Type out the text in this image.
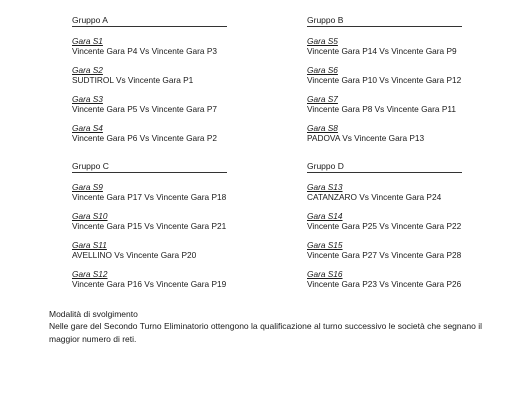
Gruppo A
Gara S1
Vincente Gara P4 Vs Vincente Gara P3
Gara S2
SUDTIROL Vs Vincente Gara P1
Gara S3
Vincente Gara P5 Vs Vincente Gara P7
Gara S4
Vincente Gara P6 Vs Vincente Gara P2
Gruppo B
Gara S5
Vincente Gara P14 Vs Vincente Gara P9
Gara S6
Vincente Gara P10 Vs Vincente Gara P12
Gara S7
Vincente Gara P8 Vs Vincente Gara P11
Gara S8
PADOVA Vs Vincente Gara P13
Gruppo C
Gara S9
Vincente Gara P17 Vs Vincente Gara P18
Gara S10
Vincente Gara P15 Vs Vincente Gara P21
Gara S11
AVELLINO Vs Vincente Gara P20
Gara S12
Vincente Gara P16 Vs Vincente Gara P19
Gruppo D
Gara S13
CATANZARO Vs Vincente Gara P24
Gara S14
Vincente Gara P25 Vs Vincente Gara P22
Gara S15
Vincente Gara P27 Vs Vincente Gara P28
Gara S16
Vincente Gara P23 Vs Vincente Gara P26
Modalità di svolgimento
Nelle gare del Secondo Turno Eliminatorio ottengono la qualificazione al turno successivo le società che segnano il maggior numero di reti.
